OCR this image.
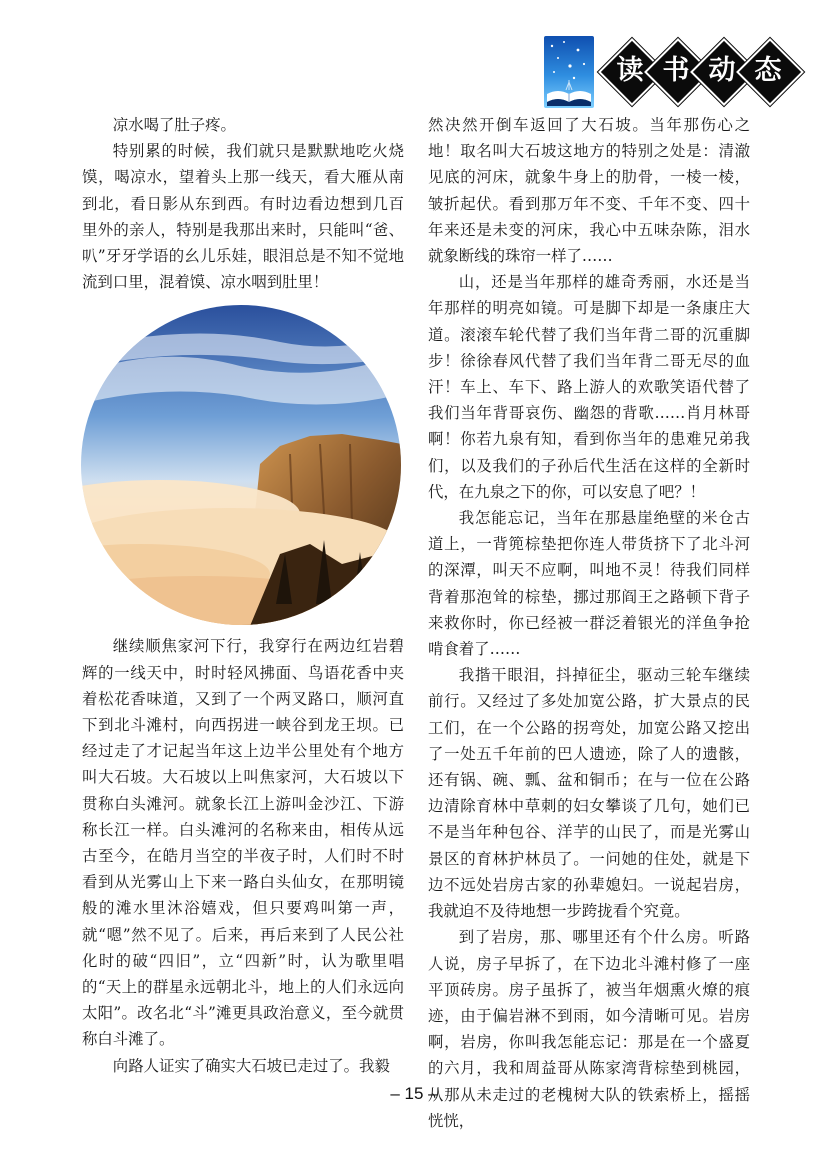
读 书 动 态

凉水喝了肚子疼。

特别累的时候，我们就只是默默地吃火烧馍，喝凉水，望着头上那一线天，看大雁从南到北，看日影从东到西。有时边看边想到几百里外的亲人，特别是我那出来时，只能叫“爸、叭”牙牙学语的幺儿乐娃，眼泪总是不知不觉地流到口里，混着馍、凉水咽到肚里！

继续顺焦家河下行，我穿行在两边红岩碧辉的一线天中，时时轻风拂面、鸟语花香中夹着松花香味道，又到了一个两叉路口，顺河直下到北斗滩村，向西拐进一峡谷到龙王坝。已经过走了才记起当年这上边半公里处有个地方叫大石坡。大石坡以上叫焦家河，大石坡以下贯称白头滩河。就象长江上游叫金沙江、下游称长江一样。白头滩河的名称来由，相传从远古至今，在皓月当空的半夜子时，人们时不时看到从光雾山上下来一路白头仙女，在那明镜般的滩水里沐浴嬉戏，但只要鸡叫第一声，就“嗯”然不见了。后来，再后来到了人民公社化时的破“四旧”，立“四新”时，认为歌里唱的“天上的群星永远朝北斗，地上的人们永远向太阳”。改名北“斗”滩更具政治意义，至今就贯称白斗滩了。

向路人证实了确实大石坡已走过了。我毅

然决然开倒车返回了大石坡。当年那伤心之地！取名叫大石坡这地方的特别之处是：清澈见底的河床，就象牛身上的肋骨，一棱一棱，皱折起伏。看到那万年不变、千年不变、四十年来还是未变的河床，我心中五味杂陈，泪水就象断线的珠帘一样了……

山，还是当年那样的雄奇秀丽，水还是当年那样的明亮如镜。可是脚下却是一条康庄大道。滚滚车轮代替了我们当年背二哥的沉重脚步！徐徐春风代替了我们当年背二哥无尽的血汗！车上、车下、路上游人的欢歌笑语代替了我们当年背哥哀伤、幽怨的背歌……肖月林哥啊！你若九泉有知，看到你当年的患难兄弟我们，以及我们的子孙后代生活在这样的全新时代，在九泉之下的你，可以安息了吧？！

我怎能忘记，当年在那悬崖绝壁的米仓古道上，一背篼棕垫把你连人带货挤下了北斗河的深潭，叫天不应啊，叫地不灵！待我们同样背着那泡耸的棕垫，挪过那阎王之路顿下背子来救你时，你已经被一群泛着银光的洋鱼争抢啃食着了……

我揩干眼泪，抖掉征尘，驱动三轮车继续前行。又经过了多处加宽公路，扩大景点的民工们，在一个公路的拐弯处，加宽公路又挖出了一处五千年前的巴人遗迹，除了人的遗骸，还有锅、碗、瓢、盆和铜币；在与一位在公路边清除育林中草刺的妇女攀谈了几句，她们已不是当年种包谷、洋芋的山民了，而是光雾山景区的育林护林员了。一问她的住处，就是下边不远处岩房古家的孙辈媳妇。一说起岩房，我就迫不及待地想一步跨拢看个究竟。

到了岩房，那、哪里还有个什么房。听路人说，房子早拆了，在下边北斗滩村修了一座平顶砖房。房子虽拆了，被当年烟熏火燎的痕迹，由于偏岩淋不到雨，如今清晰可见。岩房啊，岩房，你叫我怎能忘记：那是在一个盛夏的六月，我和周益哥从陈家湾背棕垫到桃园，从那从未走过的老槐树大队的铁索桥上，摇摇恍恍，

– 15 –
